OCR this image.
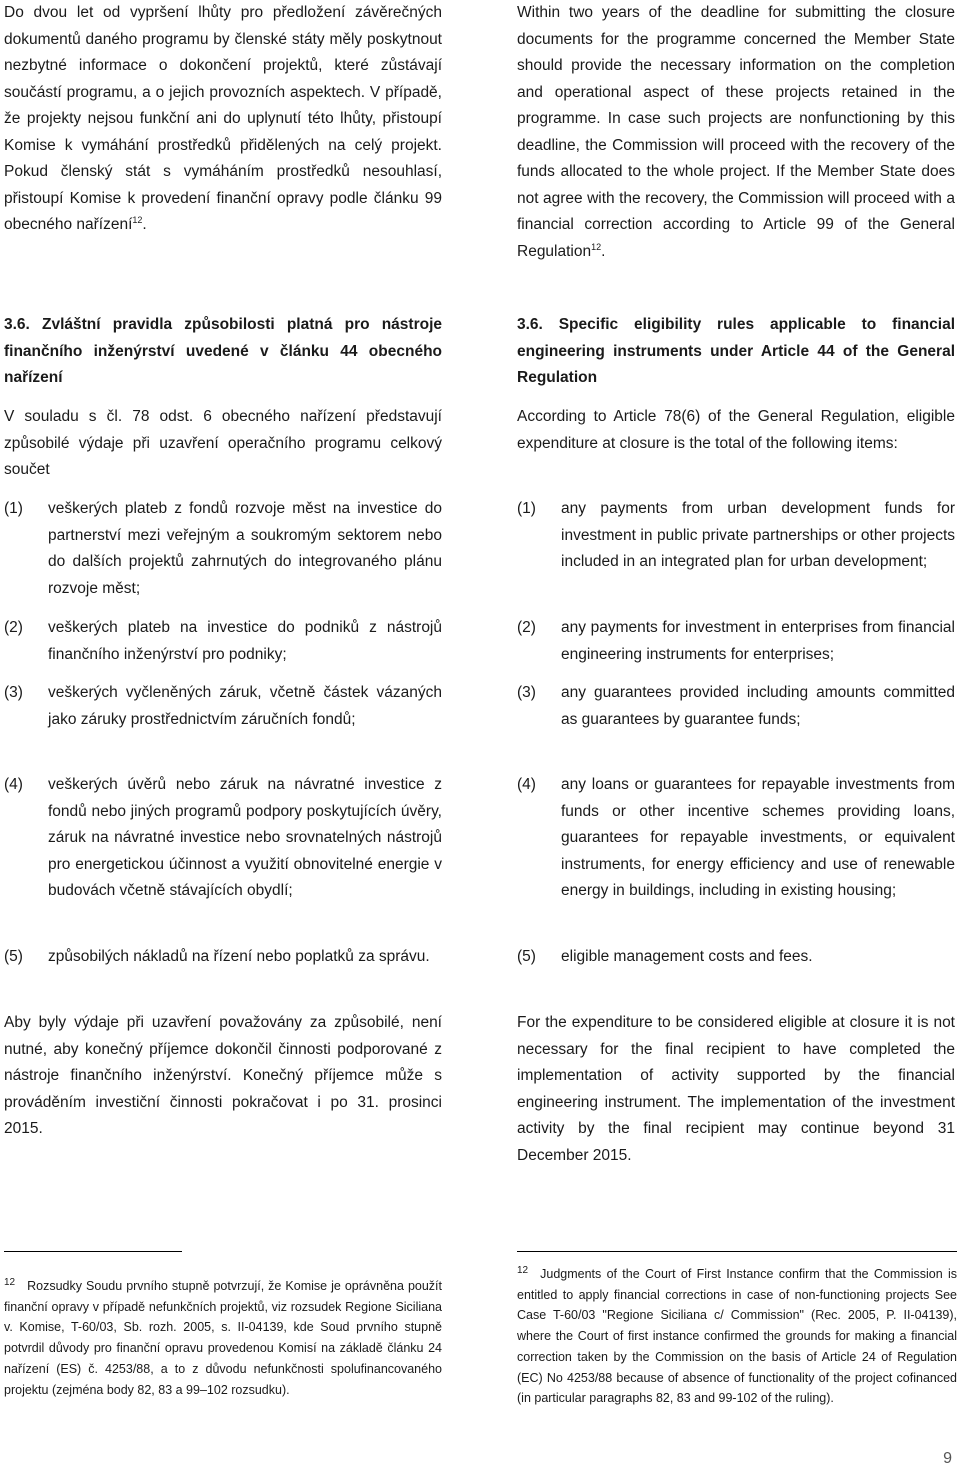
Do dvou let od vypršení lhůty pro předložení závěrečných dokumentů daného programu by členské státy měly poskytnout nezbytné informace o dokončení projektů, které zůstávají součástí programu, a o jejich provozních aspektech. V případě, že projekty nejsou funkční ani do uplynutí této lhůty, přistoupí Komise k vymáhání prostředků přidělených na celý projekt. Pokud členský stát s vymáháním prostředků nesouhlasí, přistoupí Komise k provedení finanční opravy podle článku 99 obecného nařízení$^{12}$.

3.6. Zvláštní pravidla způsobilosti platná pro nástroje finančního inženýrství uvedené v článku 44 obecného nařízení

V souladu s čl. 78 odst. 6 obecného nařízení představují způsobilé výdaje při uzavření operačního programu celkový součet

(1) veškerých plateb z fondů rozvoje měst na investice do partnerství mezi veřejným a soukromým sektorem nebo do dalších projektů zahrnutých do integrovaného plánu rozvoje měst;
(2) veškerých plateb na investice do podniků z nástrojů finančního inženýrství pro podniky;
(3) veškerých vyčleněných záruk, včetně částek vázaných jako záruky prostřednictvím záručních fondů;
(4) veškerých úvěrů nebo záruk na návratné investice z fondů nebo jiných programů podpory poskytujících úvěry, záruk na návratné investice nebo srovnatelných nástrojů pro energetickou účinnost a využití obnovitelné energie v budovách včetně stávajících obydlí;
(5) způsobilých nákladů na řízení nebo poplatků za správu.

Aby byly výdaje při uzavření považovány za způsobilé, není nutné, aby konečný příjemce dokončil činnosti podporované z nástroje finančního inženýrství. Konečný příjemce může s prováděním investiční činnosti pokračovat i po 31. prosinci 2015.

Within two years of the deadline for submitting the closure documents for the programme concerned the Member State should provide the necessary information on the completion and operational aspect of these projects retained in the programme. In case such projects are nonfunctioning by this deadline, the Commission will proceed with the recovery of the funds allocated to the whole project. If the Member State does not agree with the recovery, the Commission will proceed with a financial correction according to Article 99 of the General Regulation$^{12}$.

3.6. Specific eligibility rules applicable to financial engineering instruments under Article 44 of the General Regulation

According to Article 78(6) of the General Regulation, eligible expenditure at closure is the total of the following items:

(1) any payments from urban development funds for investment in public private partnerships or other projects included in an integrated plan for urban development;
(2) any payments for investment in enterprises from financial engineering instruments for enterprises;
(3) any guarantees provided including amounts committed as guarantees by guarantee funds;
(4) any loans or guarantees for repayable investments from funds or other incentive schemes providing loans, guarantees for repayable investments, or equivalent instruments, for energy efficiency and use of renewable energy in buildings, including in existing housing;
(5) eligible management costs and fees.

For the expenditure to be considered eligible at closure it is not necessary for the final recipient to have completed the implementation of activity supported by the financial engineering instrument. The implementation of the investment activity by the final recipient may continue beyond 31 December 2015.

$^{12}$ Rozsudky Soudu prvního stupně potvrzují, že Komise je oprávněna použít finanční opravy v případě nefunkčních projektů, viz rozsudek Regione Siciliana v. Komise, T-60/03, Sb. rozh. 2005, s. II-04139, kde Soud prvního stupně potvrdil důvody pro finanční opravu provedenou Komisí na základě článku 24 nařízení (ES) č. 4253/88, a to z důvodu nefunkčnosti spolufinancovaného projektu (zejména body 82, 83 a 99–102 rozsudku).
$^{12}$ Judgments of the Court of First Instance confirm that the Commission is entitled to apply financial corrections in case of non-functioning projects See Case T-60/03 "Regione Siciliana c/ Commission" (Rec. 2005, P. II-04139), where the Court of first instance confirmed the grounds for making a financial correction taken by the Commission on the basis of Article 24 of Regulation (EC) No 4253/88 because of absence of functionality of the project cofinanced (in particular paragraphs 82, 83 and 99-102 of the ruling).
9
